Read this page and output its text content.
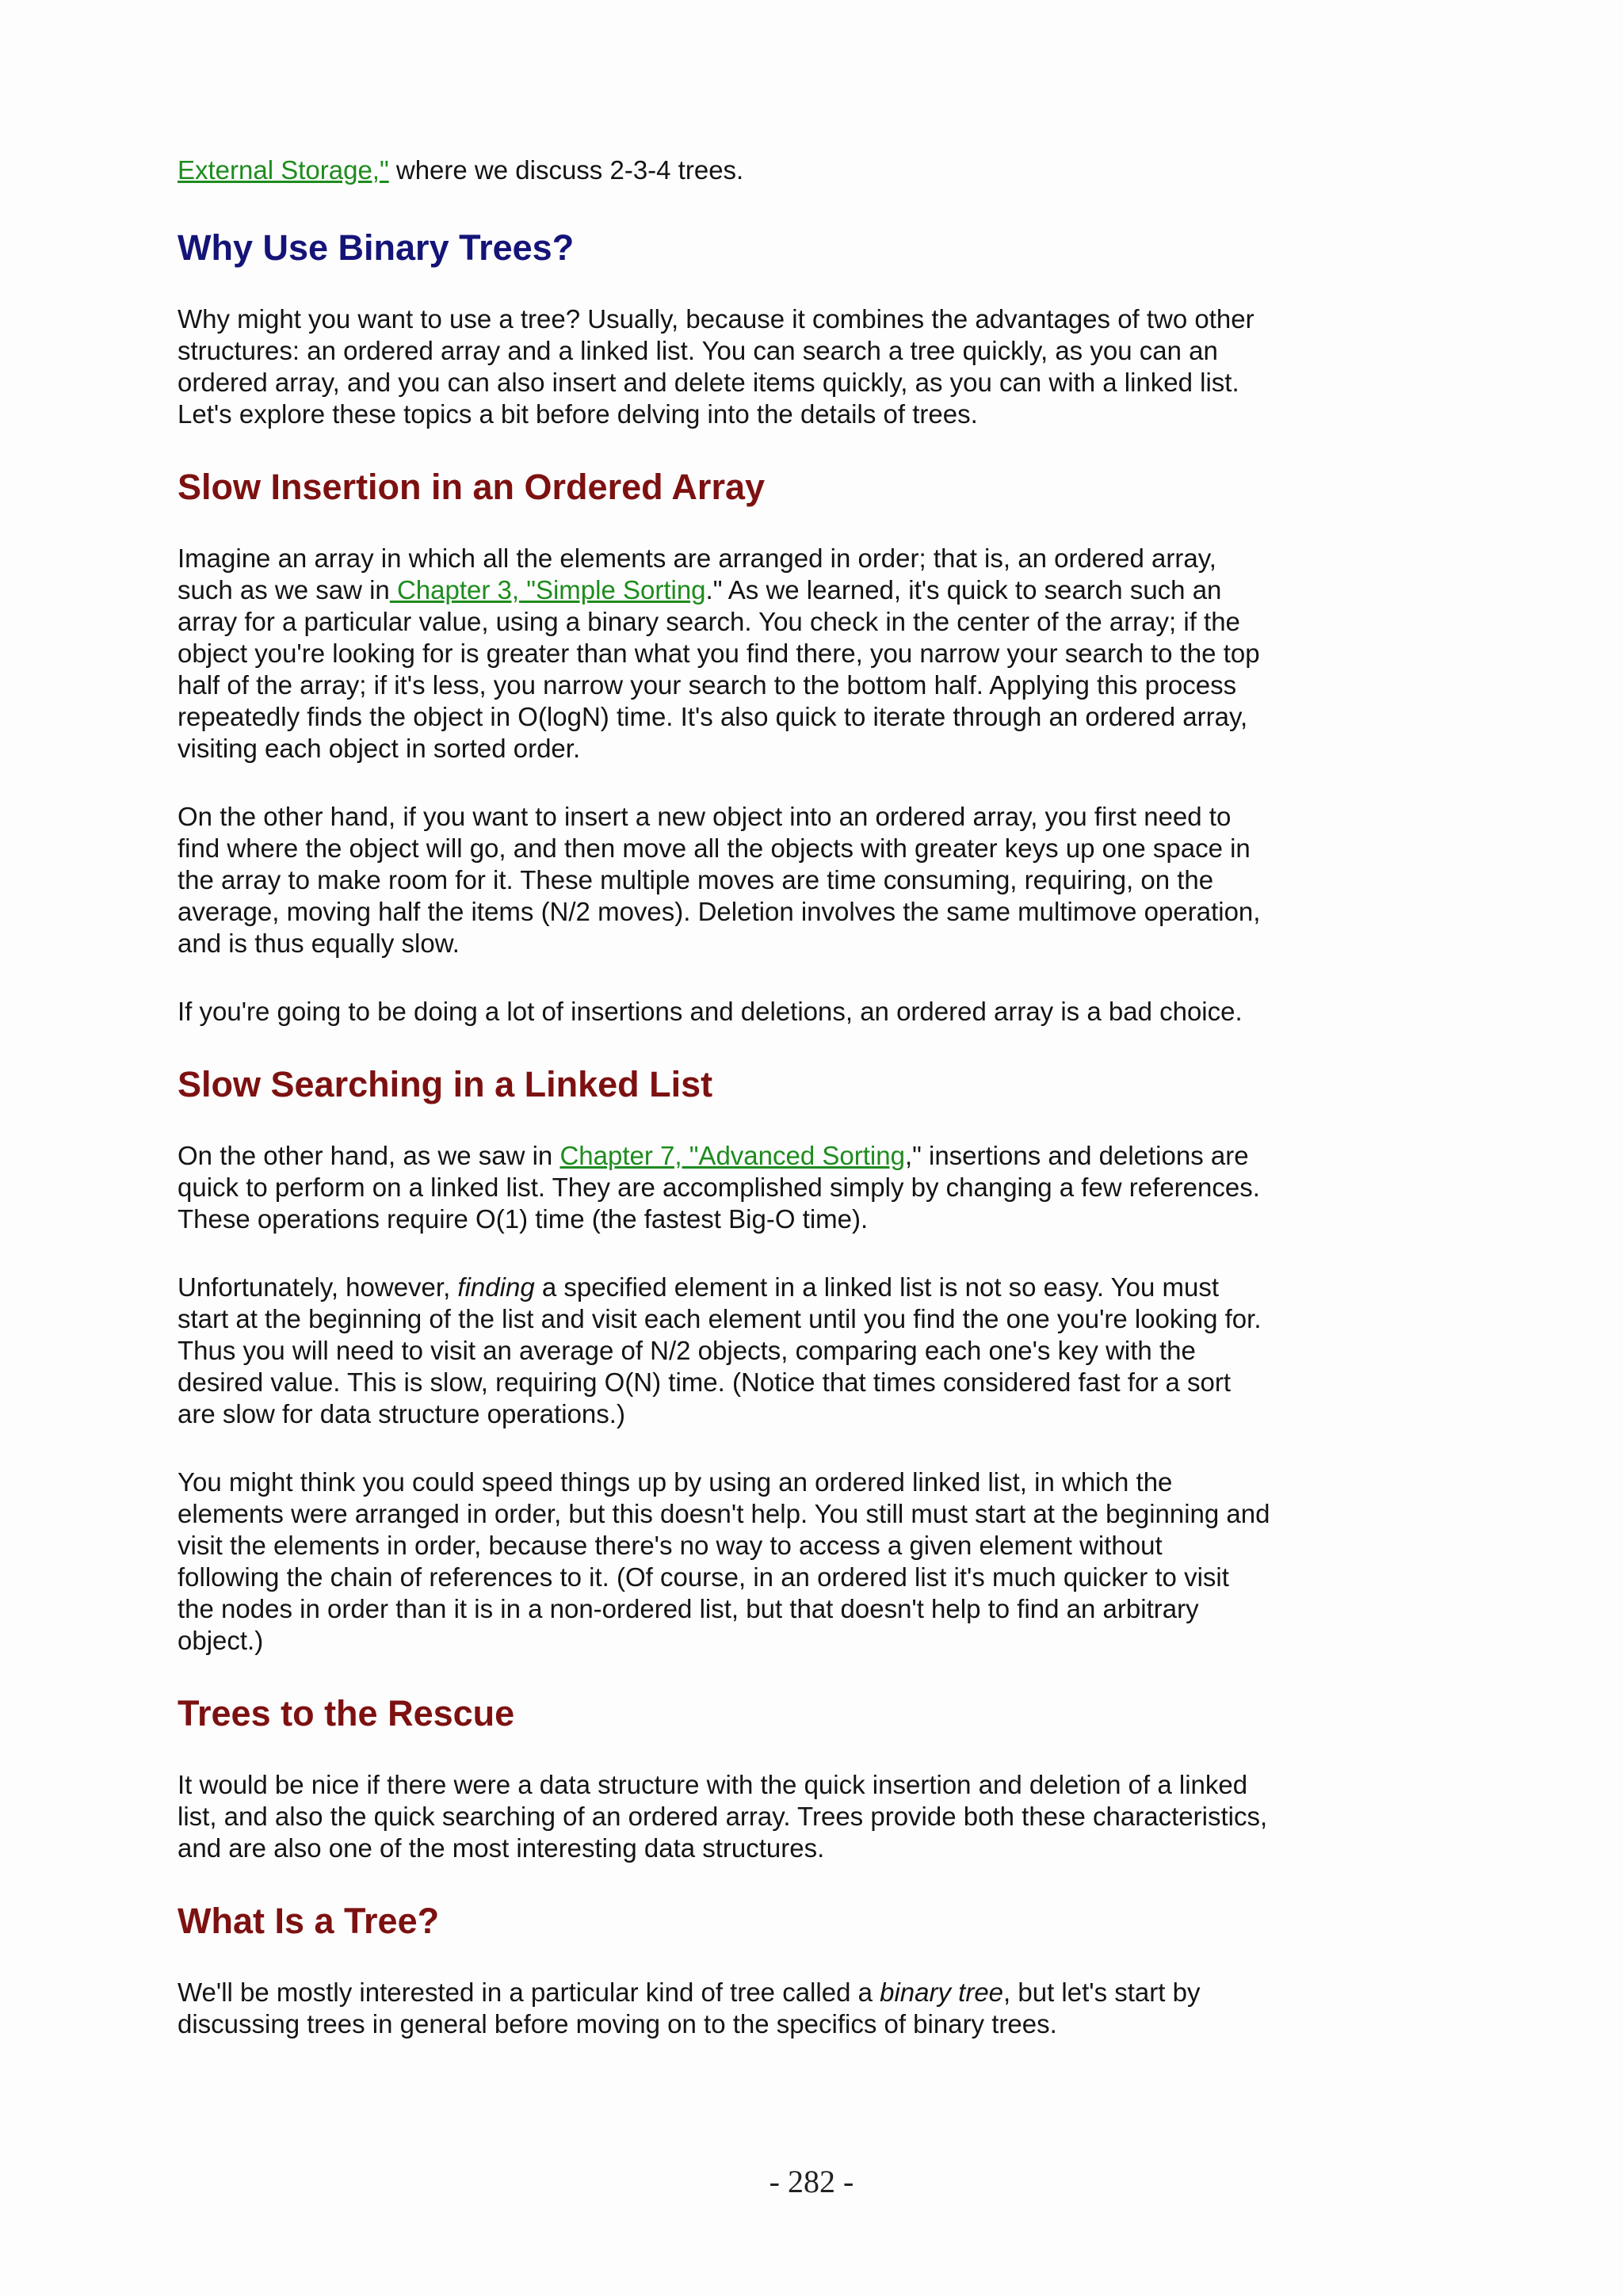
External Storage," where we discuss 2-3-4 trees.

Why Use Binary Trees?

Why might you want to use a tree? Usually, because it combines the advantages of two other structures: an ordered array and a linked list. You can search a tree quickly, as you can an ordered array, and you can also insert and delete items quickly, as you can with a linked list. Let's explore these topics a bit before delving into the details of trees.

Slow Insertion in an Ordered Array

Imagine an array in which all the elements are arranged in order; that is, an ordered array, such as we saw in Chapter 3, "Simple Sorting." As we learned, it's quick to search such an array for a particular value, using a binary search. You check in the center of the array; if the object you're looking for is greater than what you find there, you narrow your search to the top half of the array; if it's less, you narrow your search to the bottom half. Applying this process repeatedly finds the object in O(logN) time. It's also quick to iterate through an ordered array, visiting each object in sorted order.

On the other hand, if you want to insert a new object into an ordered array, you first need to find where the object will go, and then move all the objects with greater keys up one space in the array to make room for it. These multiple moves are time consuming, requiring, on the average, moving half the items (N/2 moves). Deletion involves the same multimove operation, and is thus equally slow.

If you're going to be doing a lot of insertions and deletions, an ordered array is a bad choice.

Slow Searching in a Linked List

On the other hand, as we saw in Chapter 7, "Advanced Sorting," insertions and deletions are quick to perform on a linked list. They are accomplished simply by changing a few references. These operations require O(1) time (the fastest Big-O time).

Unfortunately, however, finding a specified element in a linked list is not so easy. You must start at the beginning of the list and visit each element until you find the one you're looking for. Thus you will need to visit an average of N/2 objects, comparing each one's key with the desired value. This is slow, requiring O(N) time. (Notice that times considered fast for a sort are slow for data structure operations.)

You might think you could speed things up by using an ordered linked list, in which the elements were arranged in order, but this doesn't help. You still must start at the beginning and visit the elements in order, because there's no way to access a given element without following the chain of references to it. (Of course, in an ordered list it's much quicker to visit the nodes in order than it is in a non-ordered list, but that doesn't help to find an arbitrary object.)

Trees to the Rescue

It would be nice if there were a data structure with the quick insertion and deletion of a linked list, and also the quick searching of an ordered array. Trees provide both these characteristics, and are also one of the most interesting data structures.

What Is a Tree?

We'll be mostly interested in a particular kind of tree called a binary tree, but let's start by discussing trees in general before moving on to the specifics of binary trees.

- 282 -
